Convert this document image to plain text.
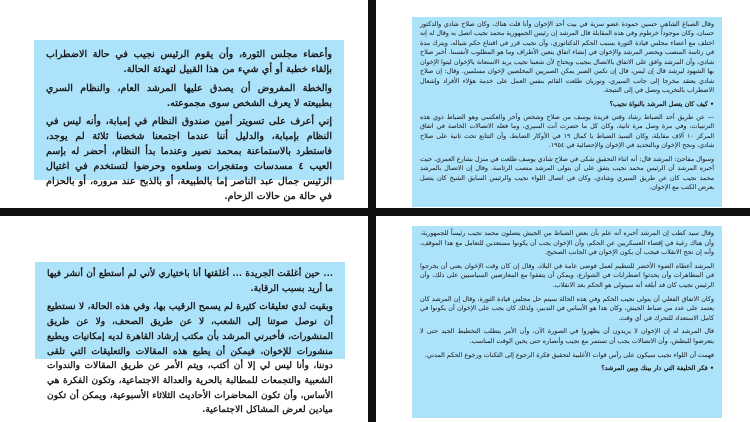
وأعضاء مجلس الثورة، وأن يقوم الرئيس نجيب في حالة الاضطراب بإلقاء خطبة أو أي شيء من هذا القبيل لتهدئة الحالة.

والخطة المفروض أن يصدق عليها المرشد العام، والنظام السري بطبيعته لا يعرف الشخص سوى مجموعته.

إني أعرف على تسويتر أمين صندوق النظام في إمبابة، وأنه ليس في النظام بإمبابة، والدليل أننا عندما اجتمعنا شخصنا ثلاثة لم يوجد، فاستطرد بالاستماعنة بمحمد نصير وعندما بدأ النظام، أحضر له بإسم العيب ٤ مسدسات ومتفجرات وسلعوه وحرضوا لتستخدم في اغتيال الرئيس جمال عبد الناصر إما بالطبيعة، أو بالذبح عند مروره، أو بالحزام في حالة من حالات الزحام.

وقال الصباغ الشاهي حسين حمودة عضو سرية في بيت أحد الإخوان وأنا قلت هناك، وكان صلاح شادي والدكتور حسان، وكان موجوداً خرطوم وفي هذه المقابلة قال المرشد إن رئيس الجمهورية محمد نجيب اتصل به وقال له إنه اختلف مع أعضاء مجلس قيادة الثورة بسبب الحكم الدكتاتوري، وأن نجيب قرر في اقتناع حكم شياله، ويترك مدة في رئاسة المنصب ويحضر المرشد والإخوان في إنشاء اتفاق يتعين الأطراف وما هو المطلوب لأنفسنا. أخبر صلاح شادي، وأن المرشد وافق على الاتفاق بالاتصال بنجيب ويحتاج لأن شعبنا نجيب يريد الاستعانة بالإخوان ليتوا الإخوان بها الشهود ليرشد قال إن ليس، قال إن تكمن الصبر يمكن الصبريين المخلصين لإخوان مسلمين. وقال: إن صلاح شادي يعتقد مخرجا إلى جانب السيري، ونوريان طلعت القائم بنفس العمل على خدمة هؤلاء الأفراد وإشعال الاضطراب بالتخريب وتصل في إلى النتيجة.

• كيف كان يتصل المرشد بالنواة نجيب؟

— عن طريق أحد الضباط رشاد وقتي فريدة يوسف من صلاح وشخص وآخر والعكسي وهو الضباط ذوي هذه الترتيبات، وفي مرة وصل مرة ثانية، وكان كل ما حضرت أنت السيري، وما فعله الاتصالات الخاصة في اتفاق المركز ١٠ آلاف مقابلة، وكان السيد الضباط يا كمال ١٩ في الأوكار الضابط، وأن التتابع تحت ثانية على صلاح شادي، ونجح الإخوان وبالتحديد في الإخوان والإحصائية في ١٩٥٤.

وسوال مفاجئ: المرشد قال: أنه اثناء التحقيق شكى في صلاح شادي يوسف طلعت في منزل بشارع العمري، حيث أخبره المرشد أن الرئيس محمد نجيب يتفق على أن يتولى المرشد منصب الرئاسة. وقال إن الاتصال بالمرشد محمد نجيب كان عن طريق السيري وشادي، وكان في اتصال اللواء نجيب والرئيس السابق الشيخ كان يتصل بعرض الكتب مع الإخوان.

... حين أغلقت الجريدة ... أغلقتها أنا باختياري لأني لم أستطع أن أنشر فيها ما أريد بسبب الرقابة.

وبقيت لدي تعليقات كثيرة لم يسمح الرقيب بها، وفي هذه الحالة، لا نستطيع أن نوصل صوتنا إلى الشعب، لا عن طريق الصحف، ولا عن طريق المنشورات، فأخبرني المرشد بأن مكتب إرشاد القاهرة لديه إمكانيات ويطبع منشورات للإخوان، فيمكن أن يطبع هذه المقالات والتعليقات التي تلقى دوننا، وأنا ليس لي إلا أن أكتب، ويتم الأمر عن طريق المقالات والندوات الشعبية والتجمعات للمطالبة بالحرية والعدالة الاجتماعية، وتكون الفكرة هي الأساس، وأن تكون المحاضرات الأحاديث الثلاثاء الأسبوعية، ويمكن أن تكون ميادين لعرض المشاكل الاجتماعية.

وقال سيد كطب إن المرشد أخبره أنه علم بأن بعض الضباط من الجيش يتصلون محمد نجيب رئيساً للجمهورية، وأن هناك رغبة في إقصاء العسكريين عن الحكم، وأن الإخوان يجب أن يكونوا مستعدين للتعامل مع هذا الموقف، وأنه إن نجح الانقلاب فيجب أن يكون الإخوان في الجانب الصحيح.

المرشد أعطاه الضوء الأخضر للتنظيم لعمل فوضى عامة في البلاد، وقال إن كان وقت الإخوان يعني أن يخرجوا في المظاهرات وأن يحدثوا اضطرابات في الشوارع، ويمكن أن يتفقوا مع المعارضين السياسيين على ذلك، وأن الرئيس نجيب كان قد أبلغه أنه سيتولى هو الحكم بعد الانقلاب.

وكان الاتفاق الفعلي أن يتولى نجيب الحكم وفي هذه الحالة سيتم حل مجلس قيادة الثورة، وقال إن المرشد كان يعتمد على عدد من ضباط الجيش، وكان هذا هو الأساس في التدبير، ولذلك كان يجب على الإخوان أن يكونوا في كامل الاستعداد للتحرك في أي وقت.

قال المرشد له إن الإخوان لا يريدون أن يظهروا في الصورة الآن، وأن الأمر يتطلب التخطيط الجيد حتى لا يتعرضوا للبطش، وأن الاتصالات يجب أن تستمر مع نجيب وأنصاره حتى يحين الوقت المناسب.

فهمت أن اللواء نجيب سيكون على رأس قوات الأغلبية لتحقيق فكرة الرجوع إلى الثكنات ورجوع الحكم المدني.

• فكر الخليفة التي دار بينك وبين المرشد؟
